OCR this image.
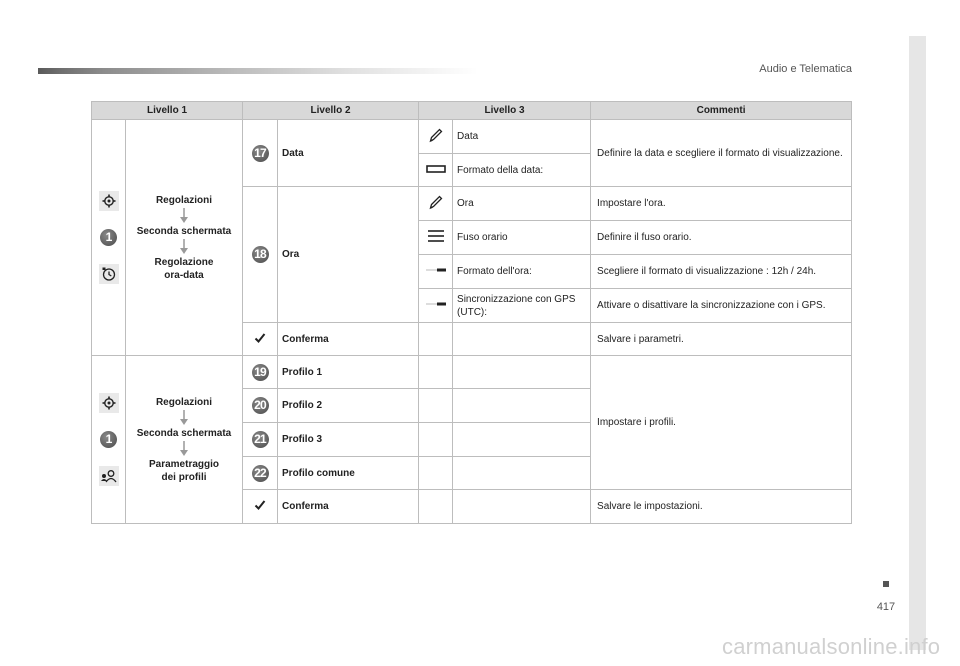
Audio e Telematica
Livello 1		Livello 2		Livello 3		Commenti

1	Regolazioni
Seconda schermata
Regolazione ora-data	17	Data		Data	Definire la data e scegliere il formato di visualizzazione.
	Formato della data:	
		18	Ora		Ora	Impostare l'ora.
	Fuso orario	Definire il fuso orario.
	Formato dell'ora:	Scegliere il formato di visualizzazione : 12h / 24h.
	Sincronizzazione con GPS (UTC):	Attivare o disattivare la sincronizzazione con i GPS.
	Conferma			Salvare i parametri.

1	Regolazioni
Seconda schermata
Parametraggio dei profili	19	Profilo 1			Impostare i profili.
		20	Profilo 2			
		21	Profilo 3			
		22	Profilo comune			
	Conferma			Salvare le impostazioni.
417
carmanualsonline.info
